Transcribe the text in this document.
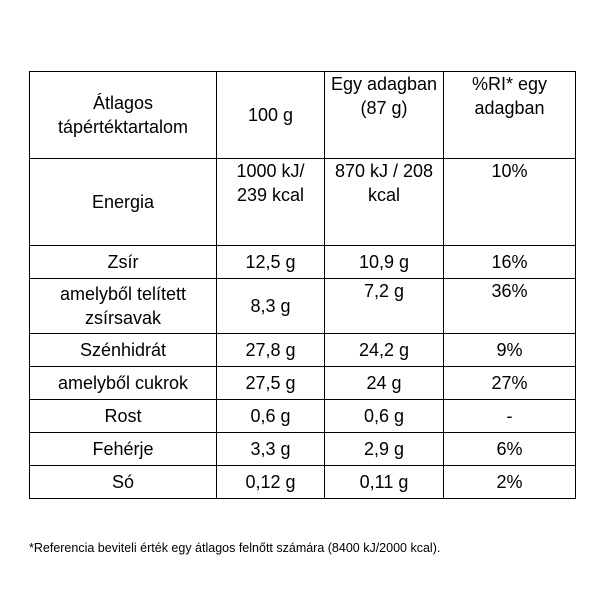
Átlagos tápértéktartalom	100 g	Egy adagban (87 g)	%RI* egy adagban
Energia	1000 kJ/ 239 kcal	870 kJ / 208 kcal	10%
Zsír	12,5 g	10,9 g	16%
amelyből telített zsírsavak	8,3 g	7,2 g	36%
Szénhidrát	27,8 g	24,2 g	9%
amelyből cukrok	27,5 g	24 g	27%
Rost	0,6 g	0,6 g	-
Fehérje	3,3 g	2,9 g	6%
Só	0,12 g	0,11 g	2%
*Referencia beviteli érték egy átlagos felnőtt számára (8400 kJ/2000 kcal).
